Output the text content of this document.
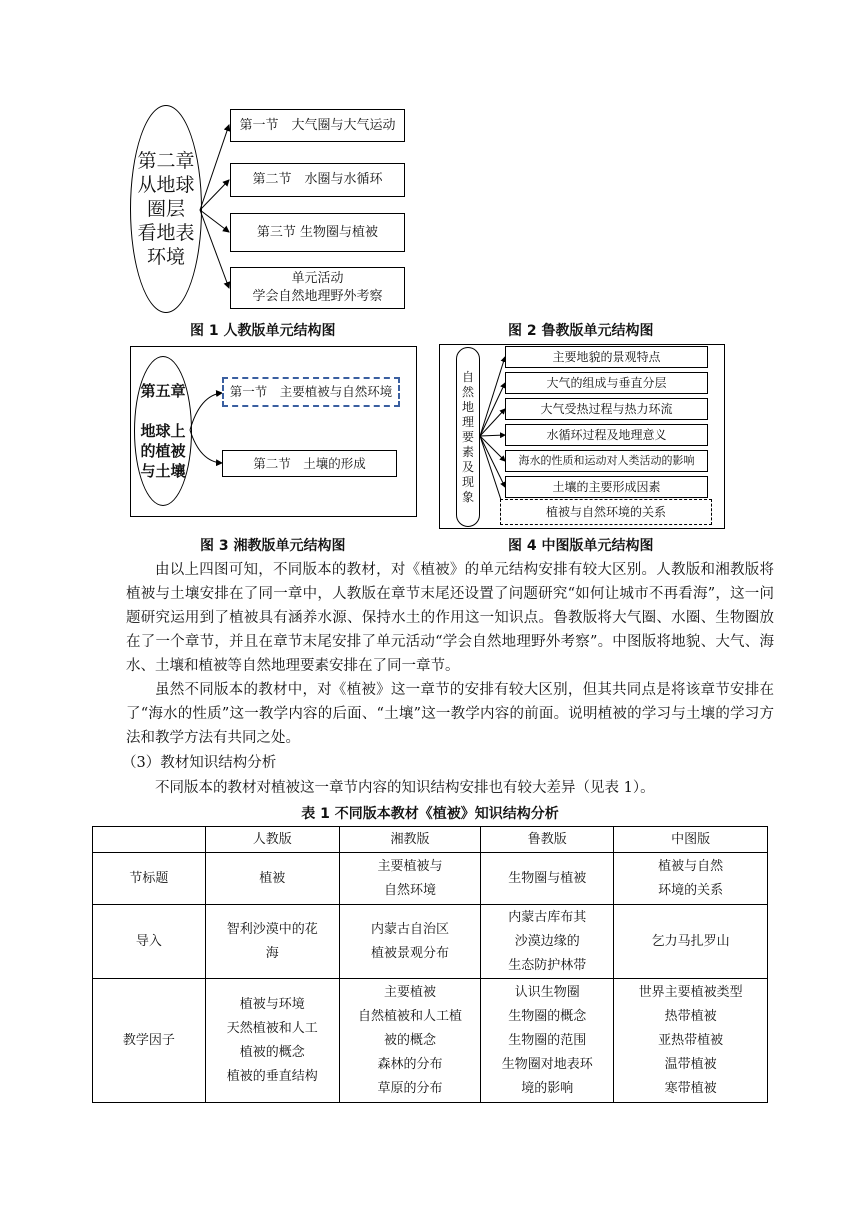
第二章
从地球
圈层
看地表
环境
第一节　大气圈与大气运动
第二节　水圈与水循环
第三节 生物圈与植被
单元活动
学会自然地理野外考察
图 1 人教版单元结构图	图 2 鲁教版单元结构图
第五章

地球上
的植被
与土壤
第一节　主要植被与自然环境
第二节　土壤的形成
自
然
地
理
要
素
及
现
象
主要地貌的景观特点
大气的组成与垂直分层
大气受热过程与热力环流
水循环过程及地理意义
海水的性质和运动对人类活动的影响
土壤的主要形成因素
植被与自然环境的关系
图 3 湘教版单元结构图	图 4 中图版单元结构图

由以上四图可知，不同版本的教材，对《植被》的单元结构安排有较大区别。人教版和湘教版将植被与土壤安排在了同一章中，人教版在章节末尾还设置了问题研究“如何让城市不再看海”，这一问题研究运用到了植被具有涵养水源、保持水土的作用这一知识点。鲁教版将大气圈、水圈、生物圈放在了一个章节，并且在章节末尾安排了单元活动“学会自然地理野外考察”。中图版将地貌、大气、海水、土壤和植被等自然地理要素安排在了同一章节。

虽然不同版本的教材中，对《植被》这一章节的安排有较大区别，但其共同点是将该章节安排在了“海水的性质”这一教学内容的后面、“土壤”这一教学内容的前面。说明植被的学习与土壤的学习方法和教学方法有共同之处。

（3）教材知识结构分析

不同版本的教材对植被这一章节内容的知识结构安排也有较大差异（见表 1）。

表 1 不同版本教材《植被》知识结构分析
	人教版	湘教版	鲁教版	中图版
节标题	植被	主要植被与
自然环境	生物圈与植被	植被与自然
环境的关系
导入	智利沙漠中的花
海	内蒙古自治区
植被景观分布	内蒙古库布其
沙漠边缘的
生态防护林带	乞力马扎罗山
教学因子	植被与环境
天然植被和人工
植被的概念
植被的垂直结构	主要植被
自然植被和人工植
被的概念
森林的分布
草原的分布	认识生物圈
生物圈的概念
生物圈的范围
生物圈对地表环
境的影响	世界主要植被类型
热带植被
亚热带植被
温带植被
寒带植被
